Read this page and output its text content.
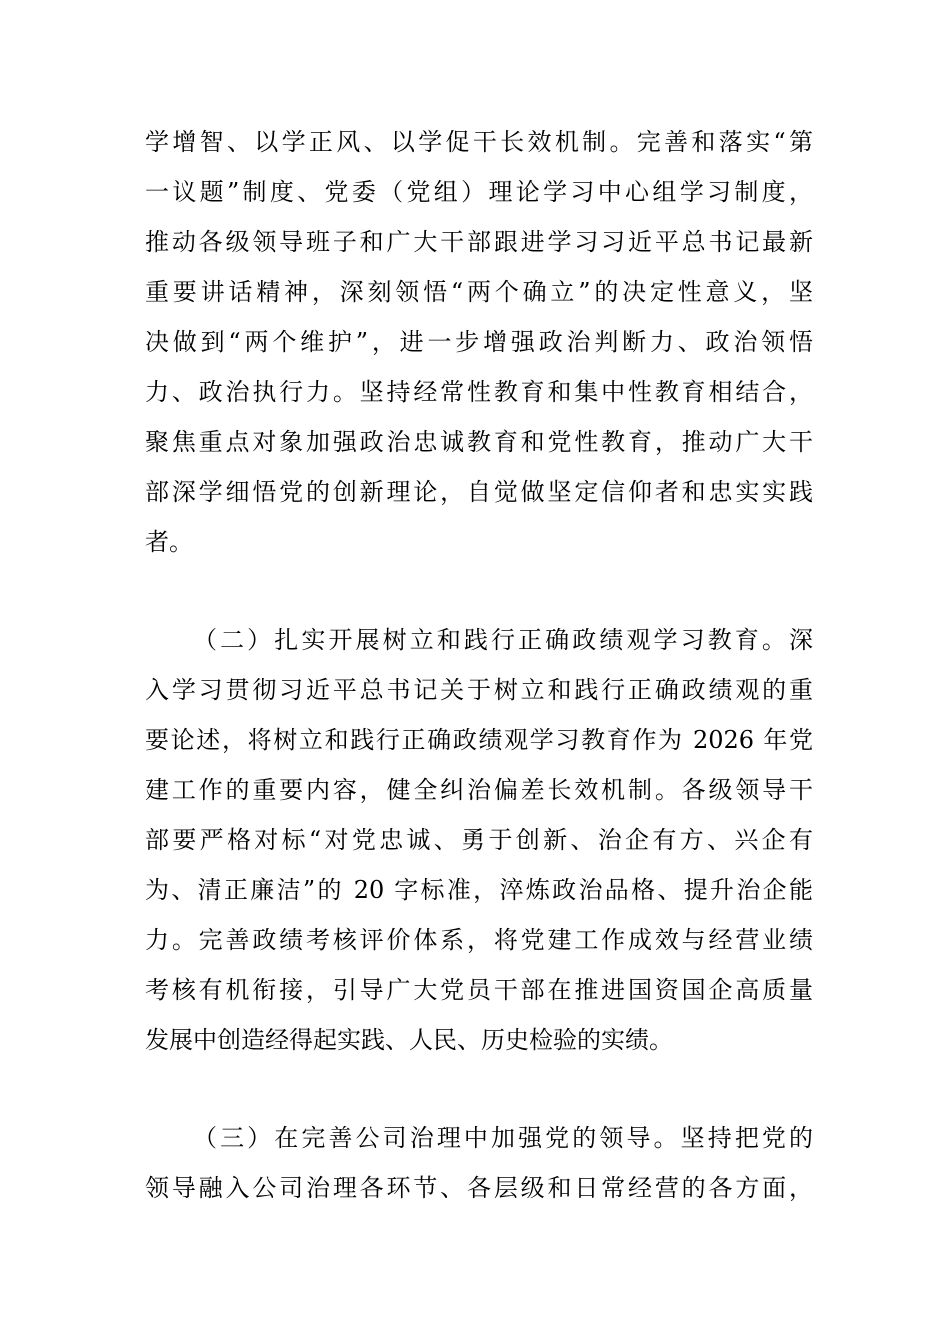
学增智、以学正风、以学促干长效机制。完善和落实“第
一议题”制度、党委（党组）理论学习中心组学习制度，
推动各级领导班子和广大干部跟进学习习近平总书记最新
重要讲话精神，深刻领悟“两个确立”的决定性意义，坚
决做到“两个维护”，进一步增强政治判断力、政治领悟
力、政治执行力。坚持经常性教育和集中性教育相结合，
聚焦重点对象加强政治忠诚教育和党性教育，推动广大干
部深学细悟党的创新理论，自觉做坚定信仰者和忠实实践
者。
（二）扎实开展树立和践行正确政绩观学习教育。深
入学习贯彻习近平总书记关于树立和践行正确政绩观的重
要论述，将树立和践行正确政绩观学习教育作为 2026 年党
建工作的重要内容，健全纠治偏差长效机制。各级领导干
部要严格对标“对党忠诚、勇于创新、治企有方、兴企有
为、清正廉洁”的 20 字标准，淬炼政治品格、提升治企能
力。完善政绩考核评价体系，将党建工作成效与经营业绩
考核有机衔接，引导广大党员干部在推进国资国企高质量
发展中创造经得起实践、人民、历史检验的实绩。
（三）在完善公司治理中加强党的领导。坚持把党的
领导融入公司治理各环节、各层级和日常经营的各方面，
